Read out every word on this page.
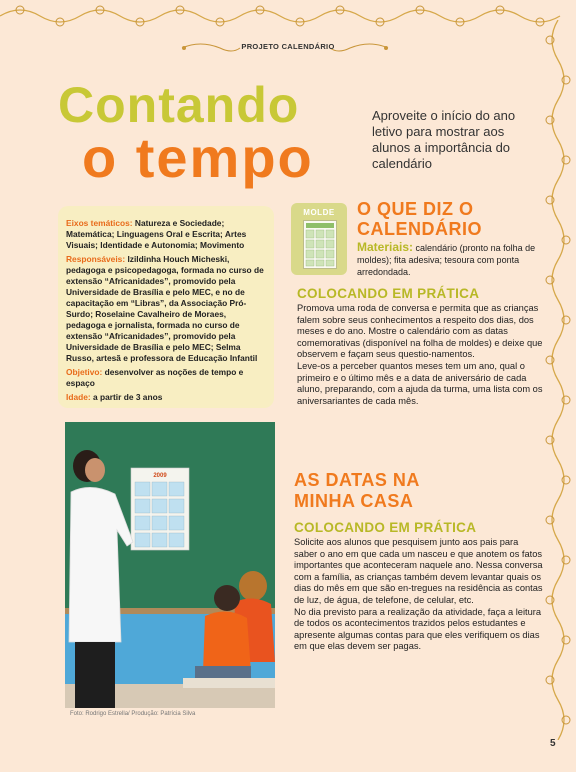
PROJETO CALENDÁRIO
Contando
o tempo
Aproveite o início do ano letivo para mostrar aos alunos a importância do calendário

Eixos temáticos: Natureza e Sociedade; Matemática; Linguagens Oral e Escrita; Artes Visuais; Identidade e Autonomia; Movimento

Responsáveis: Izildinha Houch Micheski, pedagoga e psicopedagoga, formada no curso de extensão “Africanidades”, promovido pela Universidade de Brasília e pelo MEC, e no de capacitação em “Libras”, da Associação Pró-Surdo; Roselaine Cavalheiro de Moraes, pedagoga e jornalista, formada no curso de extensão “Africanidades”, promovido pela Universidade de Brasília e pelo MEC; Selma Russo, artesã e professora de Educação Infantil

Objetivo: desenvolver as noções de tempo e espaço

Idade: a partir de 3 anos

MOLDE	O QUE DIZ O
CALENDÁRIO
Materiais: calendário (pronto na folha de moldes); fita adesiva; tesoura com ponta arredondada.
COLOCANDO EM PRÁTICA

Promova uma roda de conversa e permita que as crianças falem sobre seus conhecimentos a respeito dos dias, dos meses e do ano. Mostre o calendário com as datas comemorativas (disponível na folha de moldes) e deixe que observem e façam seus questio-namentos.

Leve-os a perceber quantos meses tem um ano, qual o primeiro e o último mês e a data de aniversário de cada aluno, preparando, com a ajuda da turma, uma lista com os aniversariantes de cada mês.

2009
Foto: Rodrigo Estrella/ Produção: Patrícia Silva
AS DATAS NA
MINHA CASA
COLOCANDO EM PRÁTICA

Solicite aos alunos que pesquisem junto aos pais para saber o ano em que cada um nasceu e que anotem os fatos importantes que aconteceram naquele ano. Nessa conversa com a família, as crianças também devem levantar quais os dias do mês em que são en-tregues na residência as contas de luz, de água, de telefone, de celular, etc.

No dia previsto para a realização da atividade, faça a leitura de todos os acontecimentos trazidos pelos estudantes e apresente algumas contas para que eles verifiquem os dias em que elas devem ser pagas.

5
